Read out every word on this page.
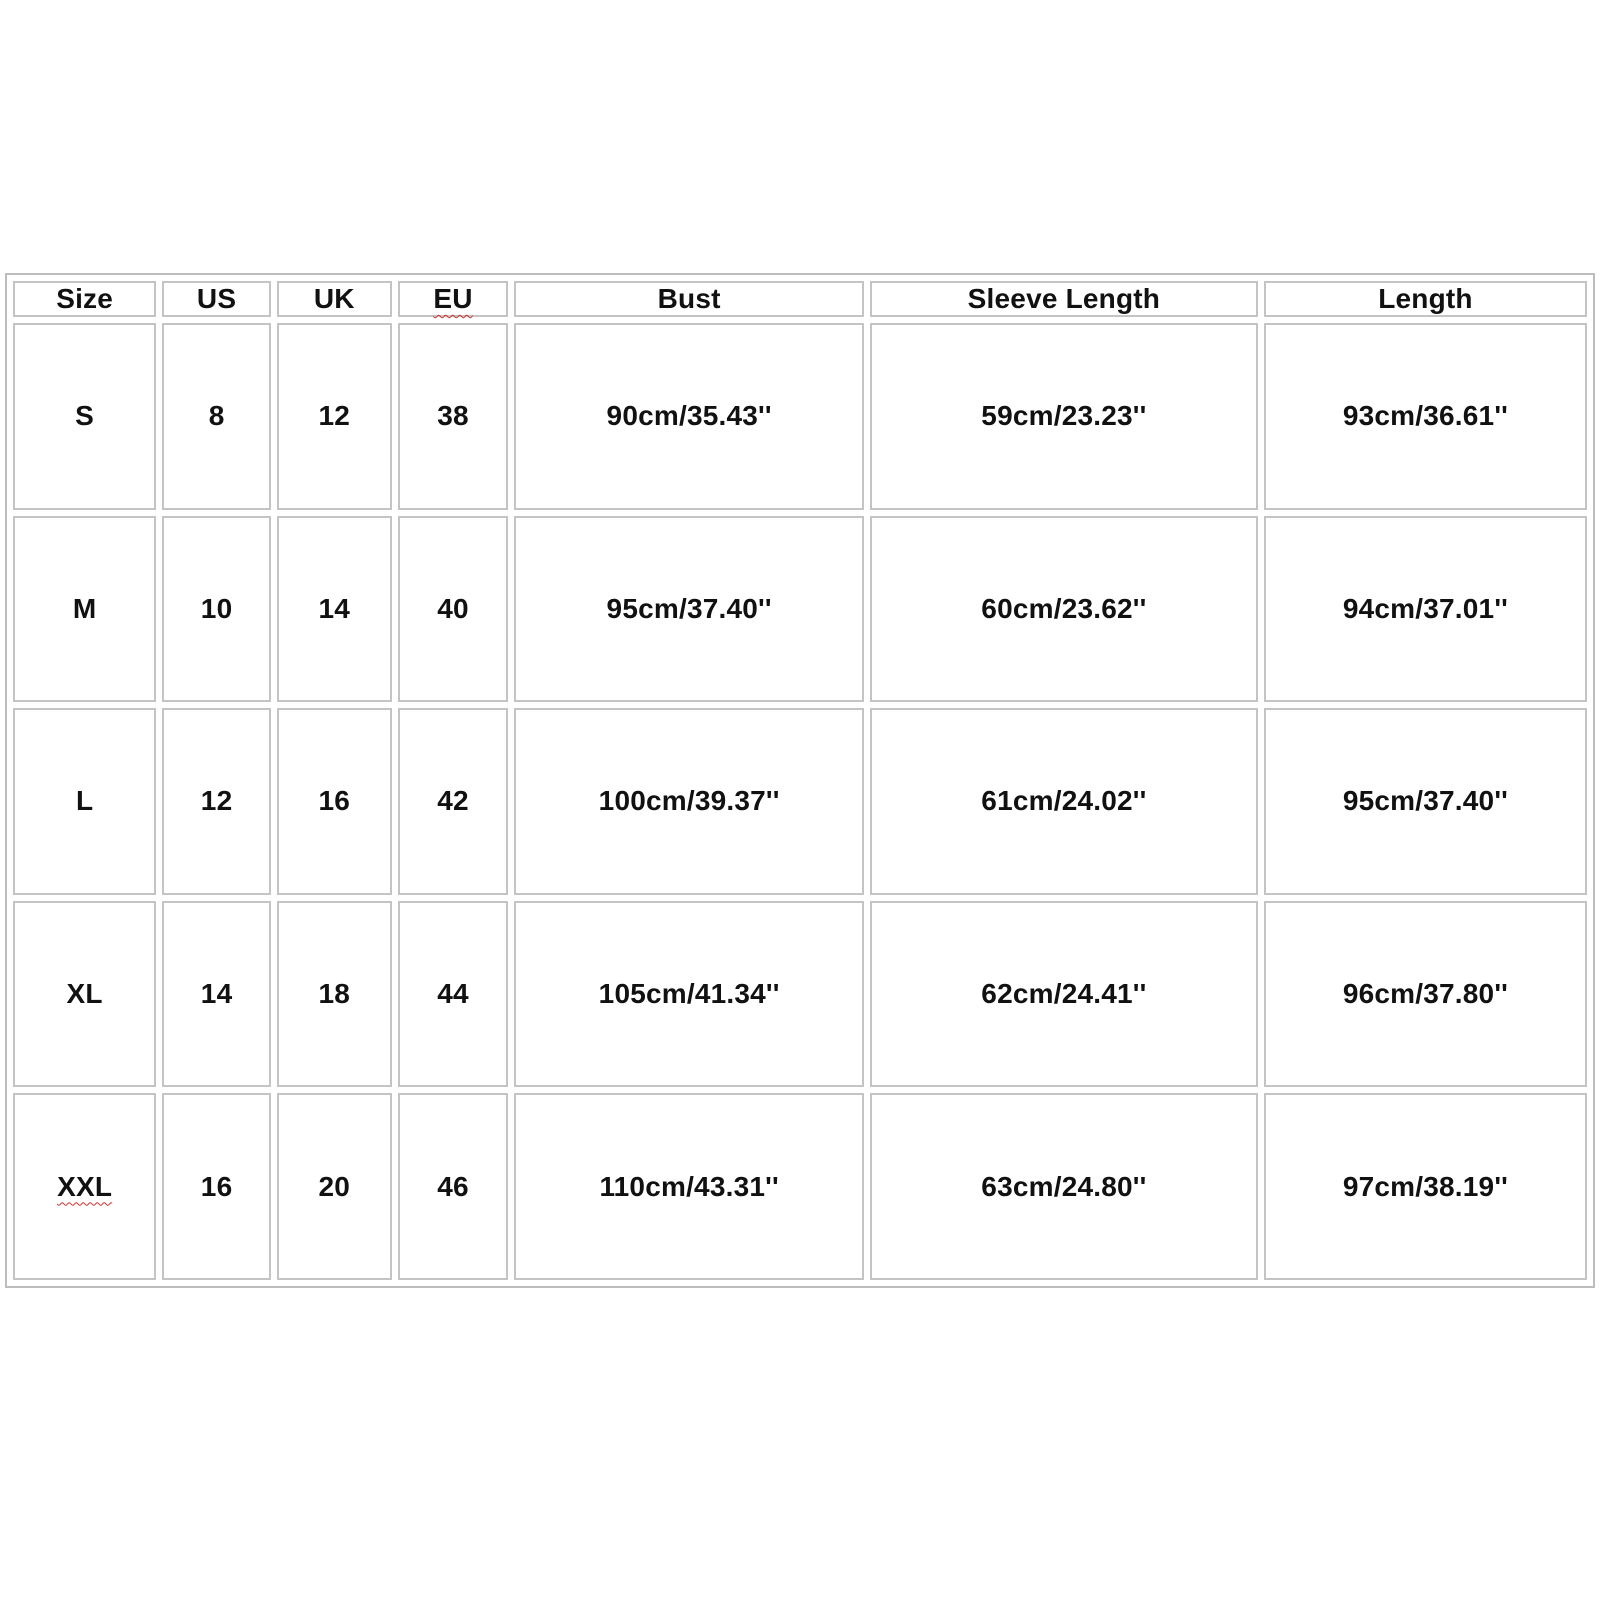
Size	US	UK	EU	Bust	Sleeve Length	Length
S	8	12	38	90cm/35.43''	59cm/23.23''	93cm/36.61''
M	10	14	40	95cm/37.40''	60cm/23.62''	94cm/37.01''
L	12	16	42	100cm/39.37''	61cm/24.02''	95cm/37.40''
XL	14	18	44	105cm/41.34''	62cm/24.41''	96cm/37.80''
XXL	16	20	46	110cm/43.31''	63cm/24.80''	97cm/38.19''
